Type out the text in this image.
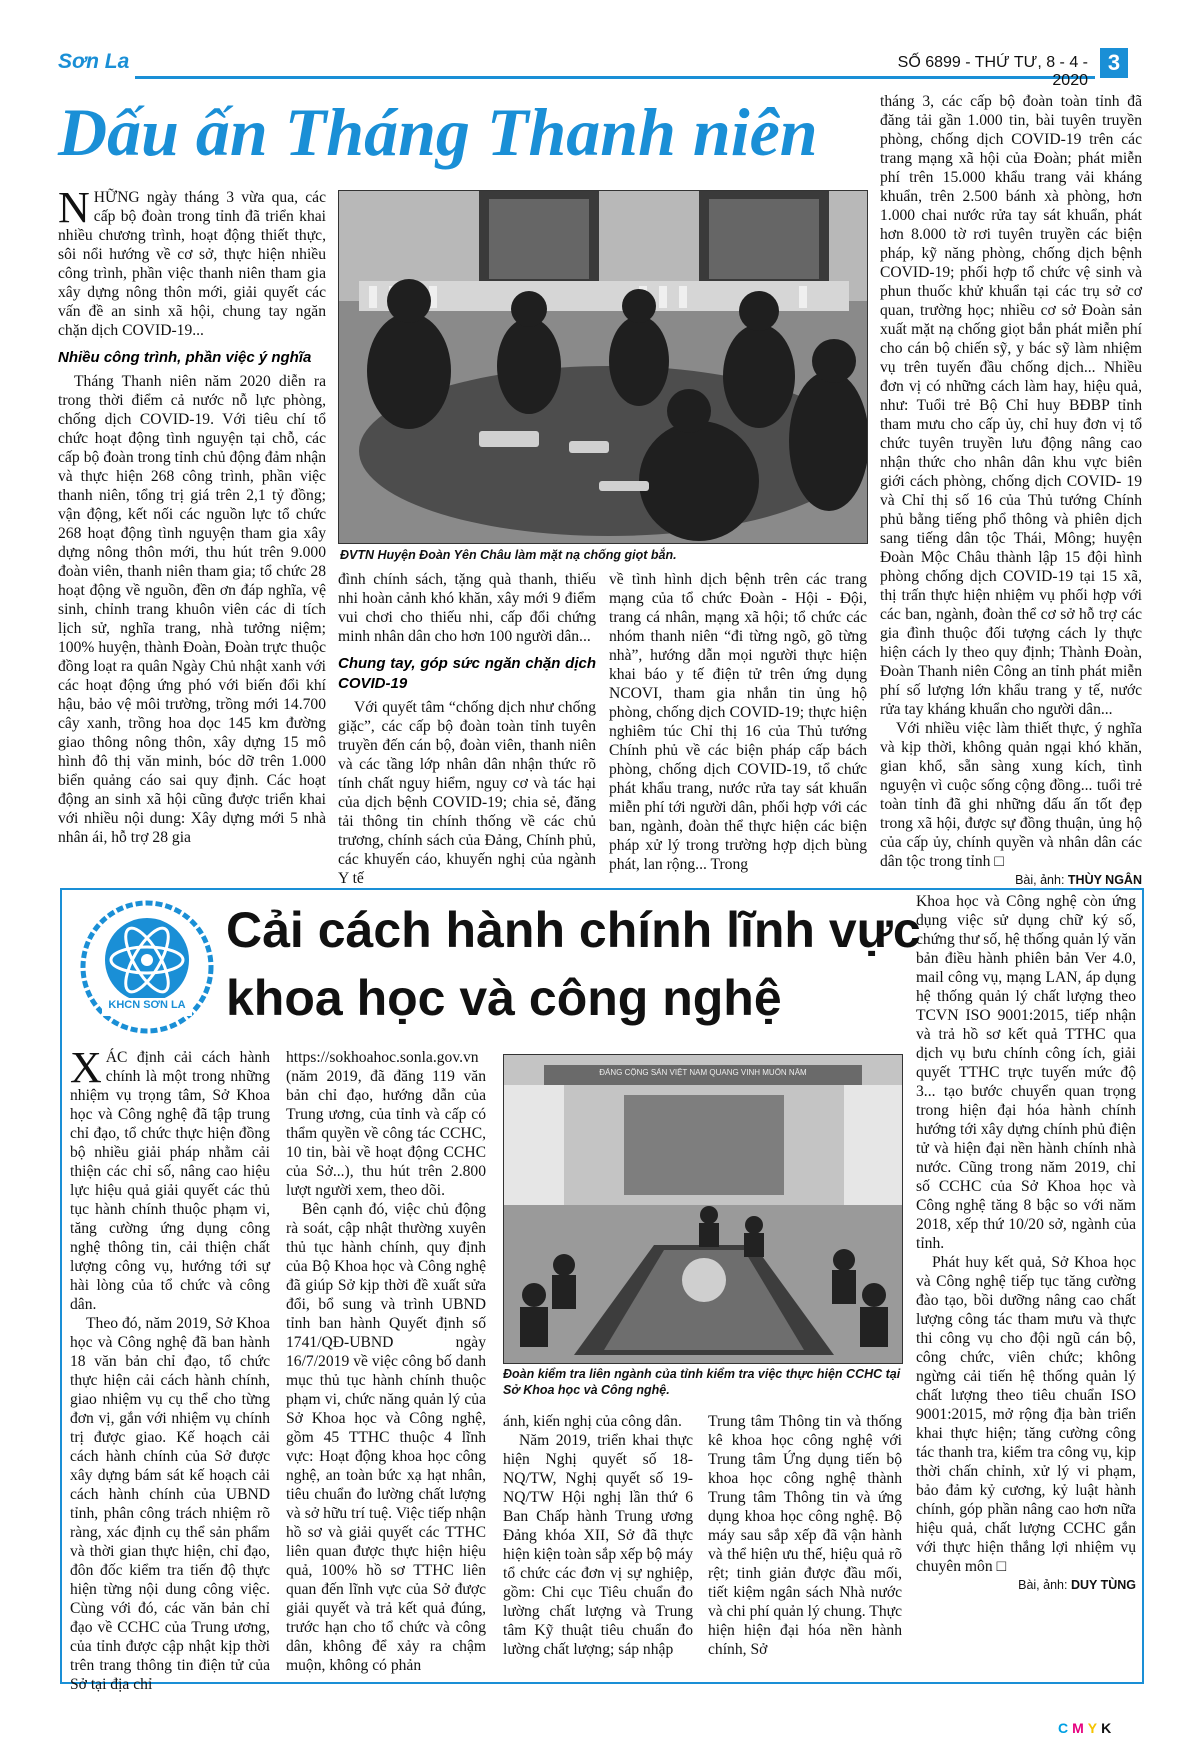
Sơn La	SỐ 6899 - THỨ TƯ, 8 - 4 - 2020
3
Dấu ấn Tháng Thanh niên

NHỮNG ngày tháng 3 vừa qua, các cấp bộ đoàn trong tỉnh đã triển khai nhiều chương trình, hoạt động thiết thực, sôi nổi hướng về cơ sở, thực hiện nhiều công trình, phần việc thanh niên tham gia xây dựng nông thôn mới, giải quyết các vấn đề an sinh xã hội, chung tay ngăn chặn dịch COVID-19...

Nhiều công trình, phần việc ý nghĩa

Tháng Thanh niên năm 2020 diễn ra trong thời điểm cả nước nỗ lực phòng, chống dịch COVID-19. Với tiêu chí tổ chức hoạt động tình nguyện tại chỗ, các cấp bộ đoàn trong tỉnh chủ động đảm nhận và thực hiện 268 công trình, phần việc thanh niên, tổng trị giá trên 2,1 tỷ đồng; vận động, kết nối các nguồn lực tổ chức 268 hoạt động tình nguyện tham gia xây dựng nông thôn mới, thu hút trên 9.000 đoàn viên, thanh niên tham gia; tổ chức 28 hoạt động về nguồn, đền ơn đáp nghĩa, vệ sinh, chỉnh trang khuôn viên các di tích lịch sử, nghĩa trang, nhà tưởng niệm; 100% huyện, thành Đoàn, Đoàn trực thuộc đồng loạt ra quân Ngày Chủ nhật xanh với các hoạt động ứng phó với biến đổi khí hậu, bảo vệ môi trường, trồng mới 14.700 cây xanh, trồng hoa dọc 145 km đường giao thông nông thôn, xây dựng 15 mô hình đô thị văn minh, bóc dỡ trên 1.000 biển quảng cáo sai quy định. Các hoạt động an sinh xã hội cũng được triển khai với nhiều nội dung: Xây dựng mới 5 nhà nhân ái, hỗ trợ 28 gia

ĐVTN Huyện Đoàn Yên Châu làm mặt nạ chống giọt bắn.

đình chính sách, tặng quà thanh, thiếu nhi hoàn cảnh khó khăn, xây mới 9 điểm vui chơi cho thiếu nhi, cấp đổi chứng minh nhân dân cho hơn 100 người dân...

Chung tay, góp sức ngăn chặn dịch COVID-19

Với quyết tâm “chống dịch như chống giặc”, các cấp bộ đoàn toàn tỉnh tuyên truyền đến cán bộ, đoàn viên, thanh niên và các tầng lớp nhân dân nhận thức rõ tính chất nguy hiểm, nguy cơ và tác hại của dịch bệnh COVID-19; chia sẻ, đăng tải thông tin chính thống về các chủ trương, chính sách của Đảng, Chính phủ, các khuyến cáo, khuyến nghị của ngành Y tế

về tình hình dịch bệnh trên các trang mạng của tổ chức Đoàn - Hội - Đội, trang cá nhân, mạng xã hội; tổ chức các nhóm thanh niên “đi từng ngõ, gõ từng nhà”, hướng dẫn mọi người thực hiện khai báo y tế điện tử trên ứng dụng NCOVI, tham gia nhắn tin ủng hộ phòng, chống dịch COVID-19; thực hiện nghiêm túc Chỉ thị 16 của Thủ tướng Chính phủ về các biện pháp cấp bách phòng, chống dịch COVID-19, tổ chức phát khẩu trang, nước rửa tay sát khuẩn miễn phí tới người dân, phối hợp với các ban, ngành, đoàn thể thực hiện các biện pháp xử lý trong trường hợp dịch bùng phát, lan rộng... Trong

tháng 3, các cấp bộ đoàn toàn tỉnh đã đăng tải gần 1.000 tin, bài tuyên truyền phòng, chống dịch COVID-19 trên các trang mạng xã hội của Đoàn; phát miễn phí trên 15.000 khẩu trang vải kháng khuẩn, trên 2.500 bánh xà phòng, hơn 1.000 chai nước rửa tay sát khuẩn, phát hơn 8.000 tờ rơi tuyên truyền các biện pháp, kỹ năng phòng, chống dịch bệnh COVID-19; phối hợp tổ chức vệ sinh và phun thuốc khử khuẩn tại các trụ sở cơ quan, trường học; nhiều cơ sở Đoàn sản xuất mặt nạ chống giọt bắn phát miễn phí cho cán bộ chiến sỹ, y bác sỹ làm nhiệm vụ trên tuyến đầu chống dịch... Nhiều đơn vị có những cách làm hay, hiệu quả, như: Tuổi trẻ Bộ Chỉ huy BĐBP tỉnh tham mưu cho cấp ủy, chỉ huy đơn vị tổ chức tuyên truyền lưu động nâng cao nhận thức cho nhân dân khu vực biên giới cách phòng, chống dịch COVID- 19 và Chỉ thị số 16 của Thủ tướng Chính phủ bằng tiếng phổ thông và phiên dịch sang tiếng dân tộc Thái, Mông; huyện Đoàn Mộc Châu thành lập 15 đội hình phòng chống dịch COVID-19 tại 15 xã, thị trấn thực hiện nhiệm vụ phối hợp với các ban, ngành, đoàn thể cơ sở hỗ trợ các gia đình thuộc đối tượng cách ly thực hiện cách ly theo quy định; Thành Đoàn, Đoàn Thanh niên Công an tỉnh phát miễn phí số lượng lớn khẩu trang y tế, nước rửa tay kháng khuẩn cho người dân...

Với nhiều việc làm thiết thực, ý nghĩa và kịp thời, không quản ngại khó khăn, gian khổ, sẵn sàng xung kích, tình nguyện vì cuộc sống cộng đồng... tuổi trẻ toàn tỉnh đã ghi những dấu ấn tốt đẹp trong xã hội, được sự đồng thuận, ủng hộ của cấp ủy, chính quyền và nhân dân các dân tộc trong tỉnh □

Bài, ảnh: THÙY NGÂN
KHCN SƠN LA
Cải cách hành chính lĩnh vực
khoa học và công nghệ

XÁC định cải cách hành chính là một trong những nhiệm vụ trọng tâm, Sở Khoa học và Công nghệ đã tập trung chỉ đạo, tổ chức thực hiện đồng bộ nhiều giải pháp nhằm cải thiện các chỉ số, nâng cao hiệu lực hiệu quả giải quyết các thủ tục hành chính thuộc phạm vi, tăng cường ứng dụng công nghệ thông tin, cải thiện chất lượng công vụ, hướng tới sự hài lòng của tổ chức và công dân.

Theo đó, năm 2019, Sở Khoa học và Công nghệ đã ban hành 18 văn bản chỉ đạo, tổ chức thực hiện cải cách hành chính, giao nhiệm vụ cụ thể cho từng đơn vị, gắn với nhiệm vụ chính trị được giao. Kế hoạch cải cách hành chính của Sở được xây dựng bám sát kế hoạch cải cách hành chính của UBND tỉnh, phân công trách nhiệm rõ ràng, xác định cụ thể sản phẩm và thời gian thực hiện, chỉ đạo, đôn đốc kiểm tra tiến độ thực hiện từng nội dung công việc. Cùng với đó, các văn bản chỉ đạo về CCHC của Trung ương, của tỉnh được cập nhật kịp thời trên trang thông tin điện tử của Sở tại địa chỉ

https://sokhoahoc.sonla.gov.vn (năm 2019, đã đăng 119 văn bản chỉ đạo, hướng dẫn của Trung ương, của tỉnh và cấp có thẩm quyền về công tác CCHC, 10 tin, bài về hoạt động CCHC của Sở...), thu hút trên 2.800 lượt người xem, theo dõi.

Bên cạnh đó, việc chủ động rà soát, cập nhật thường xuyên thủ tục hành chính, quy định của Bộ Khoa học và Công nghệ đã giúp Sở kịp thời đề xuất sửa đổi, bổ sung và trình UBND tỉnh ban hành Quyết định số 1741/QĐ-UBND ngày 16/7/2019 về việc công bố danh mục thủ tục hành chính thuộc phạm vi, chức năng quản lý của Sở Khoa học và Công nghệ, gồm 45 TTHC thuộc 4 lĩnh vực: Hoạt động khoa học công nghệ, an toàn bức xạ hạt nhân, tiêu chuẩn đo lường chất lượng và sở hữu trí tuệ. Việc tiếp nhận hồ sơ và giải quyết các TTHC liên quan được thực hiện hiệu quả, 100% hồ sơ TTHC liên quan đến lĩnh vực của Sở được giải quyết và trả kết quả đúng, trước hạn cho tổ chức và công dân, không để xảy ra chậm muộn, không có phản

ĐẢNG CỘNG SẢN VIỆT NAM QUANG VINH MUÔN NĂM
Đoàn kiểm tra liên ngành của tỉnh kiểm tra việc thực hiện CCHC tại Sở Khoa học và Công nghệ.

ánh, kiến nghị của công dân.

Năm 2019, triển khai thực hiện Nghị quyết số 18-NQ/TW, Nghị quyết số 19-NQ/TW Hội nghị lần thứ 6 Ban Chấp hành Trung ương Đảng khóa XII, Sở đã thực hiện kiện toàn sắp xếp bộ máy tổ chức các đơn vị sự nghiệp, gồm: Chi cục Tiêu chuẩn đo lường chất lượng và Trung tâm Kỹ thuật tiêu chuẩn đo lường chất lượng; sáp nhập

Trung tâm Thông tin và thống kê khoa học công nghệ với Trung tâm Ứng dụng tiến bộ khoa học công nghệ thành Trung tâm Thông tin và ứng dụng khoa học công nghệ. Bộ máy sau sắp xếp đã vận hành và thể hiện ưu thế, hiệu quả rõ rệt; tinh giản được đầu mối, tiết kiệm ngân sách Nhà nước và chi phí quản lý chung. Thực hiện hiện đại hóa nền hành chính, Sở

Khoa học và Công nghệ còn ứng dụng việc sử dụng chữ ký số, chứng thư số, hệ thống quản lý văn bản điều hành phiên bản Ver 4.0, mail công vụ, mạng LAN, áp dụng hệ thống quản lý chất lượng theo TCVN ISO 9001:2015, tiếp nhận và trả hồ sơ kết quả TTHC qua dịch vụ bưu chính công ích, giải quyết TTHC trực tuyến mức độ 3... tạo bước chuyển quan trọng trong hiện đại hóa hành chính hướng tới xây dựng chính phủ điện tử và hiện đại nền hành chính nhà nước. Cũng trong năm 2019, chỉ số CCHC của Sở Khoa học và Công nghệ tăng 8 bậc so với năm 2018, xếp thứ 10/20 sở, ngành của tỉnh.

Phát huy kết quả, Sở Khoa học và Công nghệ tiếp tục tăng cường đào tạo, bồi dưỡng nâng cao chất lượng công tác tham mưu và thực thi công vụ cho đội ngũ cán bộ, công chức, viên chức; không ngừng cải tiến hệ thống quản lý chất lượng theo tiêu chuẩn ISO 9001:2015, mở rộng địa bàn triển khai thực hiện; tăng cường công tác thanh tra, kiểm tra công vụ, kịp thời chấn chỉnh, xử lý vi phạm, bảo đảm kỷ cương, kỷ luật hành chính, góp phần nâng cao hơn nữa hiệu quả, chất lượng CCHC gắn với thực hiện thắng lợi nhiệm vụ chuyên môn □

Bài, ảnh: DUY TÙNG
CMYK
